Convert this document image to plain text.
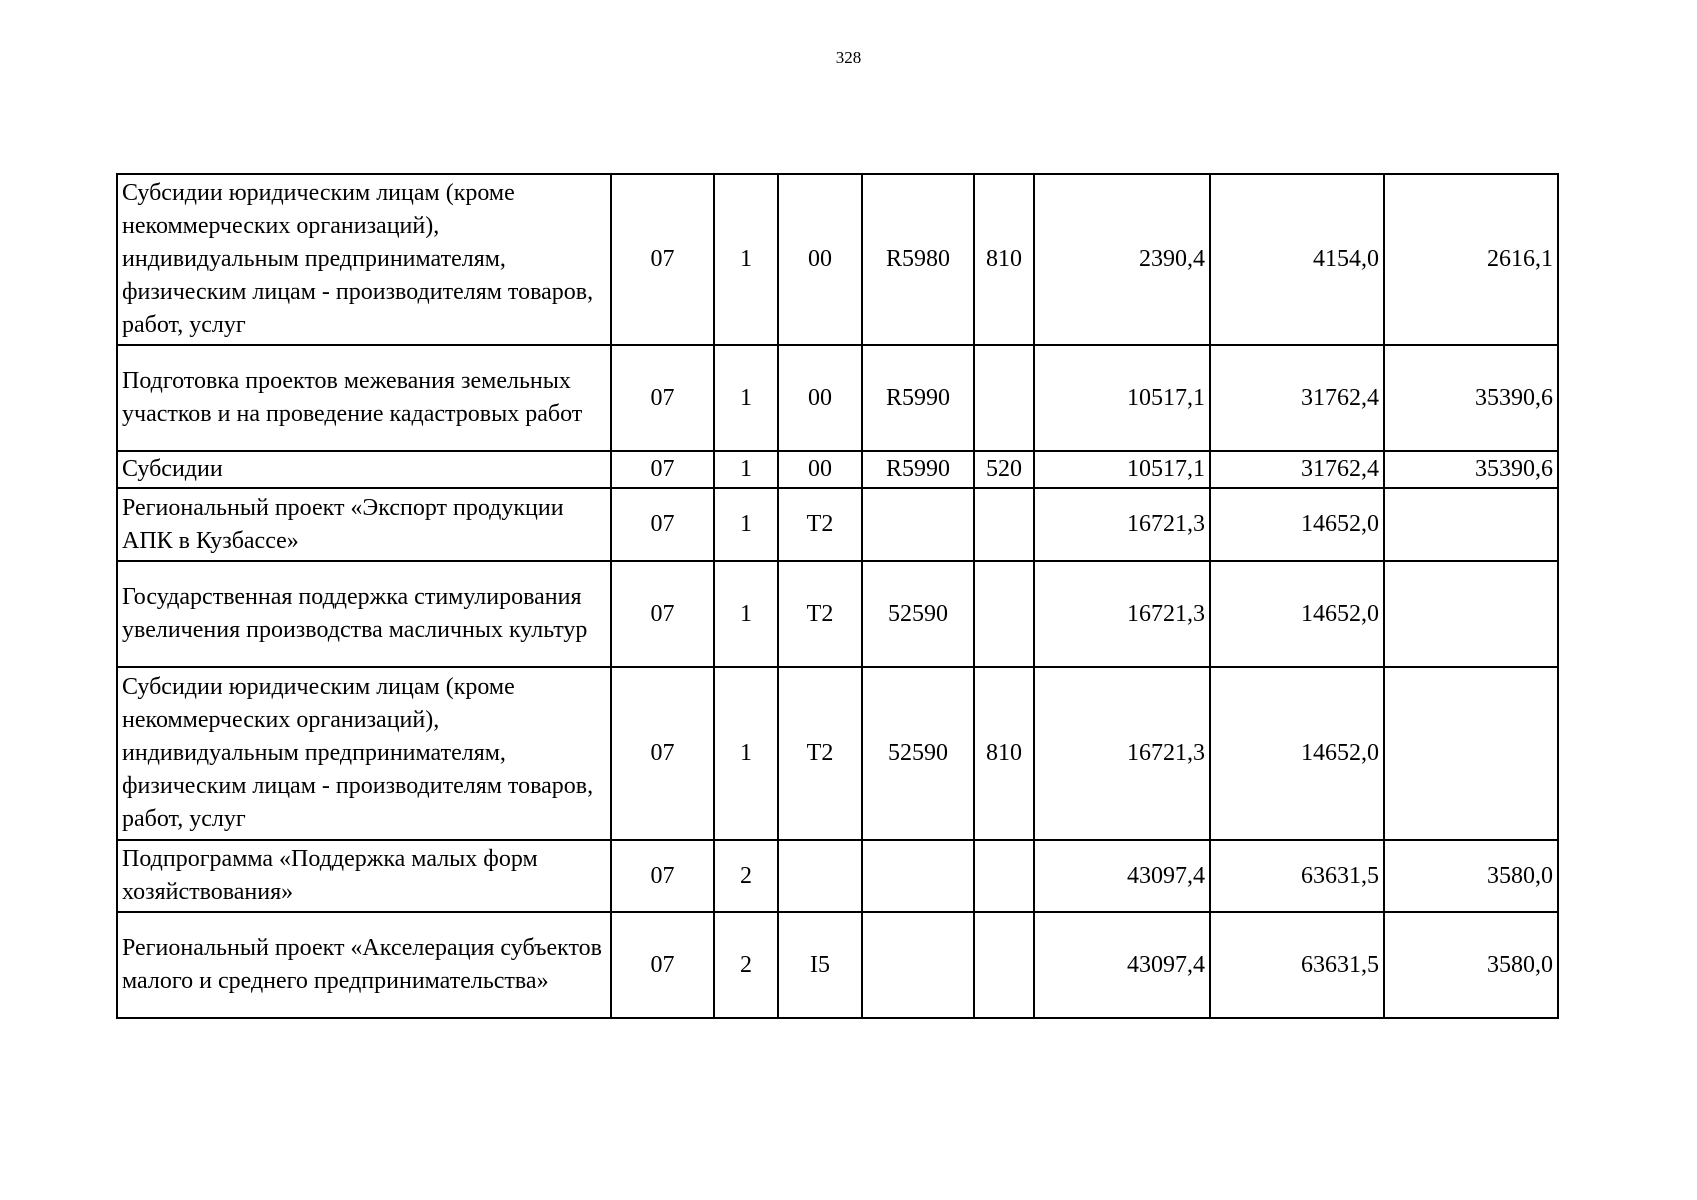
328
Субсидии юридическим лицам (кроме некоммерческих организаций), индивидуальным предпринимателям, физическим лицам - производителям товаров, работ, услуг	07	1	00	R5980	810	2390,4	4154,0	2616,1
Подготовка проектов межевания земельных участков и на проведение кадастровых работ	07	1	00	R5990		10517,1	31762,4	35390,6
Субсидии	07	1	00	R5990	520	10517,1	31762,4	35390,6
Региональный проект «Экспорт продукции АПК в Кузбассе»	07	1	T2			16721,3	14652,0	
Государственная поддержка стимулирования увеличения производства масличных культур	07	1	T2	52590		16721,3	14652,0	
Субсидии юридическим лицам (кроме некоммерческих организаций), индивидуальным предпринимателям, физическим лицам - производителям товаров, работ, услуг	07	1	T2	52590	810	16721,3	14652,0	
Подпрограмма «Поддержка малых форм хозяйствования»	07	2				43097,4	63631,5	3580,0
Региональный проект «Акселерация субъектов малого и среднего предпринимательства»	07	2	I5			43097,4	63631,5	3580,0
